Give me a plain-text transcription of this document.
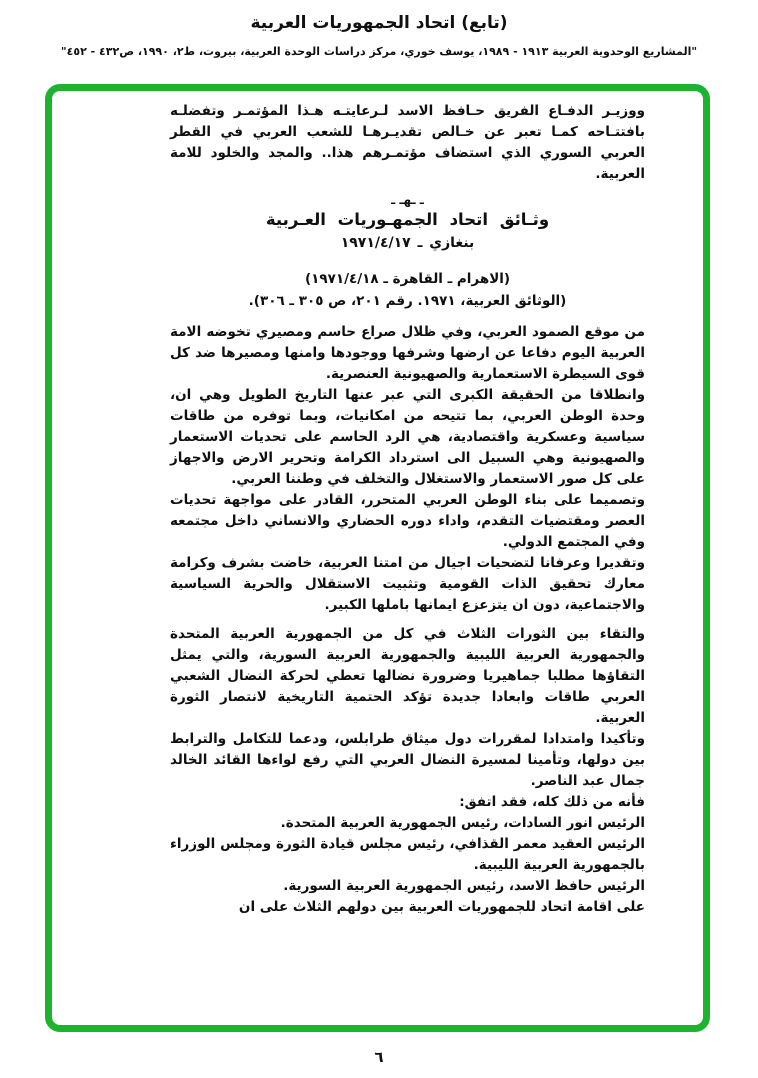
(تابع) اتحاد الجمهوريات العربية
"المشاريع الوحدوية العربية ١٩١٣ - ١٩٨٩، يوسف خوري، مركز دراسات الوحدة العربية، بيروت، ط٢، ١٩٩٠، ص٤٣٢ - ٤٥٢"

ووزيـر الدفـاع الفريق حـافظ الاسد لـرعايتـه هـذا المؤتمـر وتفضلـه بافتتـاحه كمـا تعبر عن خـالص تقديـرهـا للشعب العربي في القطر العربي السوري الذي استضاف مؤتمـرهم هذا.. والمجد والخلود للامة العربية.

ـ ـهـ ـ
وثـائق اتحاد الجمهـوريات العـربية
بنغازي ـ ١٩٧١/٤/١٧
(الاهرام ـ القاهرة ـ ١٩٧١/٤/١٨)
(الوثائق العربية، ١٩٧١. رقم ٢٠١، ص ٣٠٥ ـ ٣٠٦).

من موقع الصمود العربي، وفي ظلال صراع حاسم ومصيري تخوضه الامة العربية اليوم دفاعا عن ارضها وشرفها ووجودها وامنها ومصيرها ضد كل قوى السيطرة الاستعمارية والصهيونية العنصرية.

وانطلاقا من الحقيقة الكبرى التي عبر عنها التاريخ الطويل وهي ان، وحدة الوطن العربي، بما تتيحه من امكانيات، وبما توفره من طاقات سياسية وعسكرية واقتصادية، هي الرد الحاسم على تحديات الاستعمار والصهيونية وهي السبيل الى استرداد الكرامة وتحرير الارض والاجهاز على كل صور الاستعمار والاستغلال والتخلف في وطننا العربي.

وتصميما على بناء الوطن العربي المتحرر، القادر على مواجهة تحديات العصر ومقتضيات التقدم، واداء دوره الحضاري والانساني داخل مجتمعه وفي المجتمع الدولي.

وتقديرا وعرفانا لتضحيات اجيال من امتنا العربية، خاضت بشرف وكرامة معارك تحقيق الذات القومية وتثبيت الاستقلال والحرية السياسية والاجتماعية، دون ان يتزعزع ايمانها باملها الكبير.

والتقاء بين الثورات الثلاث في كل من الجمهورية العربية المتحدة والجمهورية العربية الليبية والجمهورية العربية السورية، والتي يمثل التقاؤها مطلبا جماهيريا وضرورة نضالها تعطي لحركة النضال الشعبي العربي طاقات وابعادا جديدة تؤكد الحتمية التاريخية لانتصار الثورة العربية.

وتأكيدا وامتدادا لمقررات دول ميثاق طرابلس، ودعما للتكامل والترابط بين دولها، وتأمينا لمسيرة النضال العربي التي رفع لواءها القائد الخالد جمال عبد الناصر.

فأنه من ذلك كله، فقد اتفق:

الرئيس انور السادات، رئيس الجمهورية العربية المتحدة.

الرئيس العقيد معمر القذافي، رئيس مجلس قيادة الثورة ومجلس الوزراء بالجمهورية العربية الليبية.

الرئيس حافظ الاسد، رئيس الجمهورية العربية السورية.

على اقامة اتحاد للجمهوريات العربية بين دولهم الثلاث على ان

٦
